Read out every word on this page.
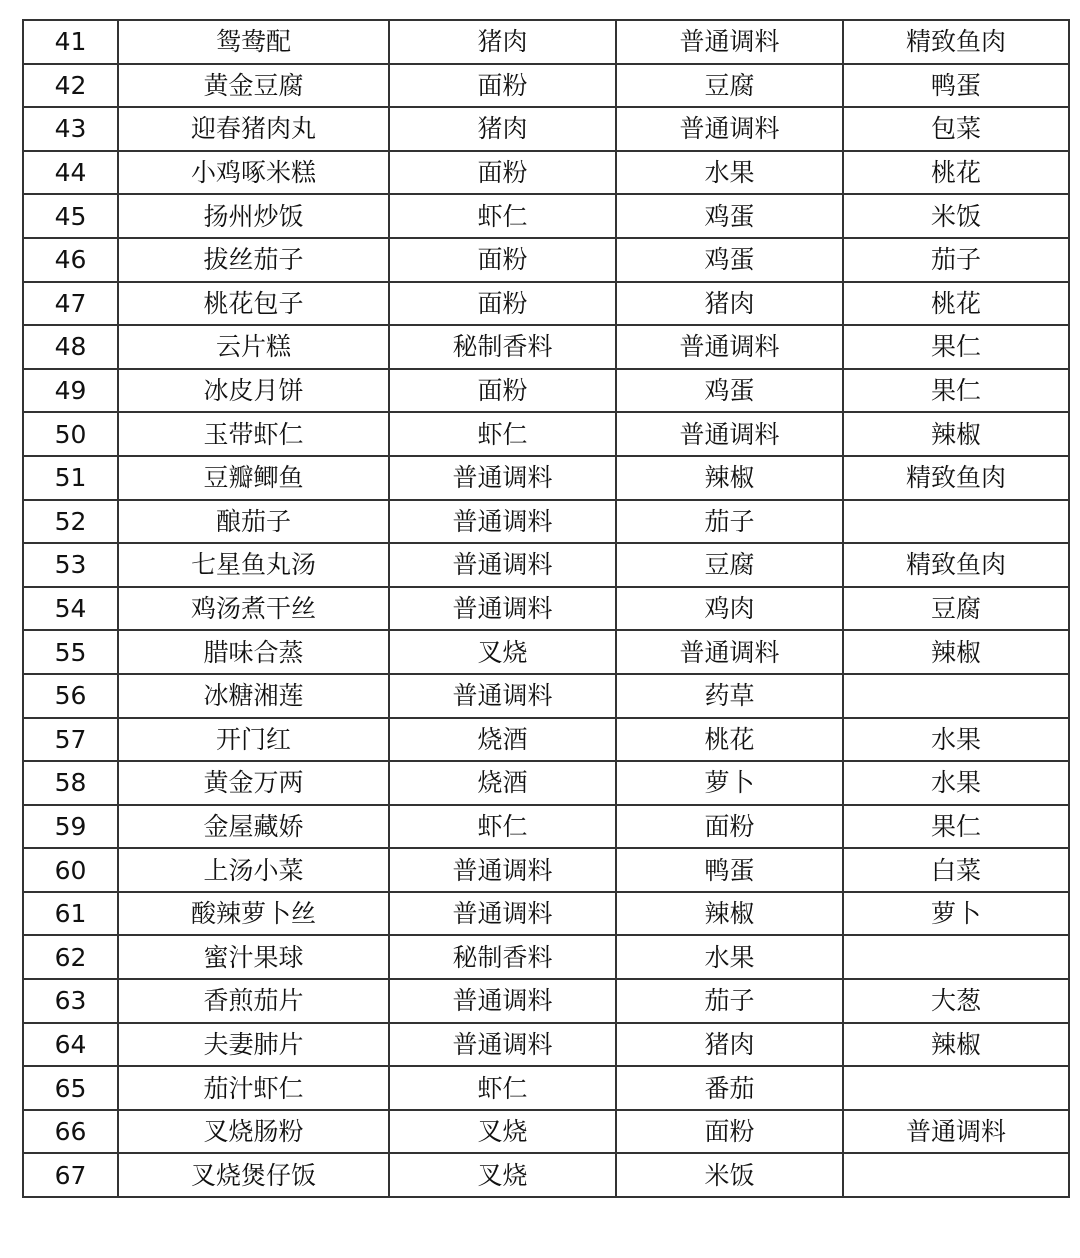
41	鸳鸯配	猪肉	普通调料	精致鱼肉
42	黄金豆腐	面粉	豆腐	鸭蛋
43	迎春猪肉丸	猪肉	普通调料	包菜
44	小鸡啄米糕	面粉	水果	桃花
45	扬州炒饭	虾仁	鸡蛋	米饭
46	拔丝茄子	面粉	鸡蛋	茄子
47	桃花包子	面粉	猪肉	桃花
48	云片糕	秘制香料	普通调料	果仁
49	冰皮月饼	面粉	鸡蛋	果仁
50	玉带虾仁	虾仁	普通调料	辣椒
51	豆瓣鲫鱼	普通调料	辣椒	精致鱼肉
52	酿茄子	普通调料	茄子	
53	七星鱼丸汤	普通调料	豆腐	精致鱼肉
54	鸡汤煮干丝	普通调料	鸡肉	豆腐
55	腊味合蒸	叉烧	普通调料	辣椒
56	冰糖湘莲	普通调料	药草	
57	开门红	烧酒	桃花	水果
58	黄金万两	烧酒	萝卜	水果
59	金屋藏娇	虾仁	面粉	果仁
60	上汤小菜	普通调料	鸭蛋	白菜
61	酸辣萝卜丝	普通调料	辣椒	萝卜
62	蜜汁果球	秘制香料	水果	
63	香煎茄片	普通调料	茄子	大葱
64	夫妻肺片	普通调料	猪肉	辣椒
65	茄汁虾仁	虾仁	番茄	
66	叉烧肠粉	叉烧	面粉	普通调料
67	叉烧煲仔饭	叉烧	米饭	
